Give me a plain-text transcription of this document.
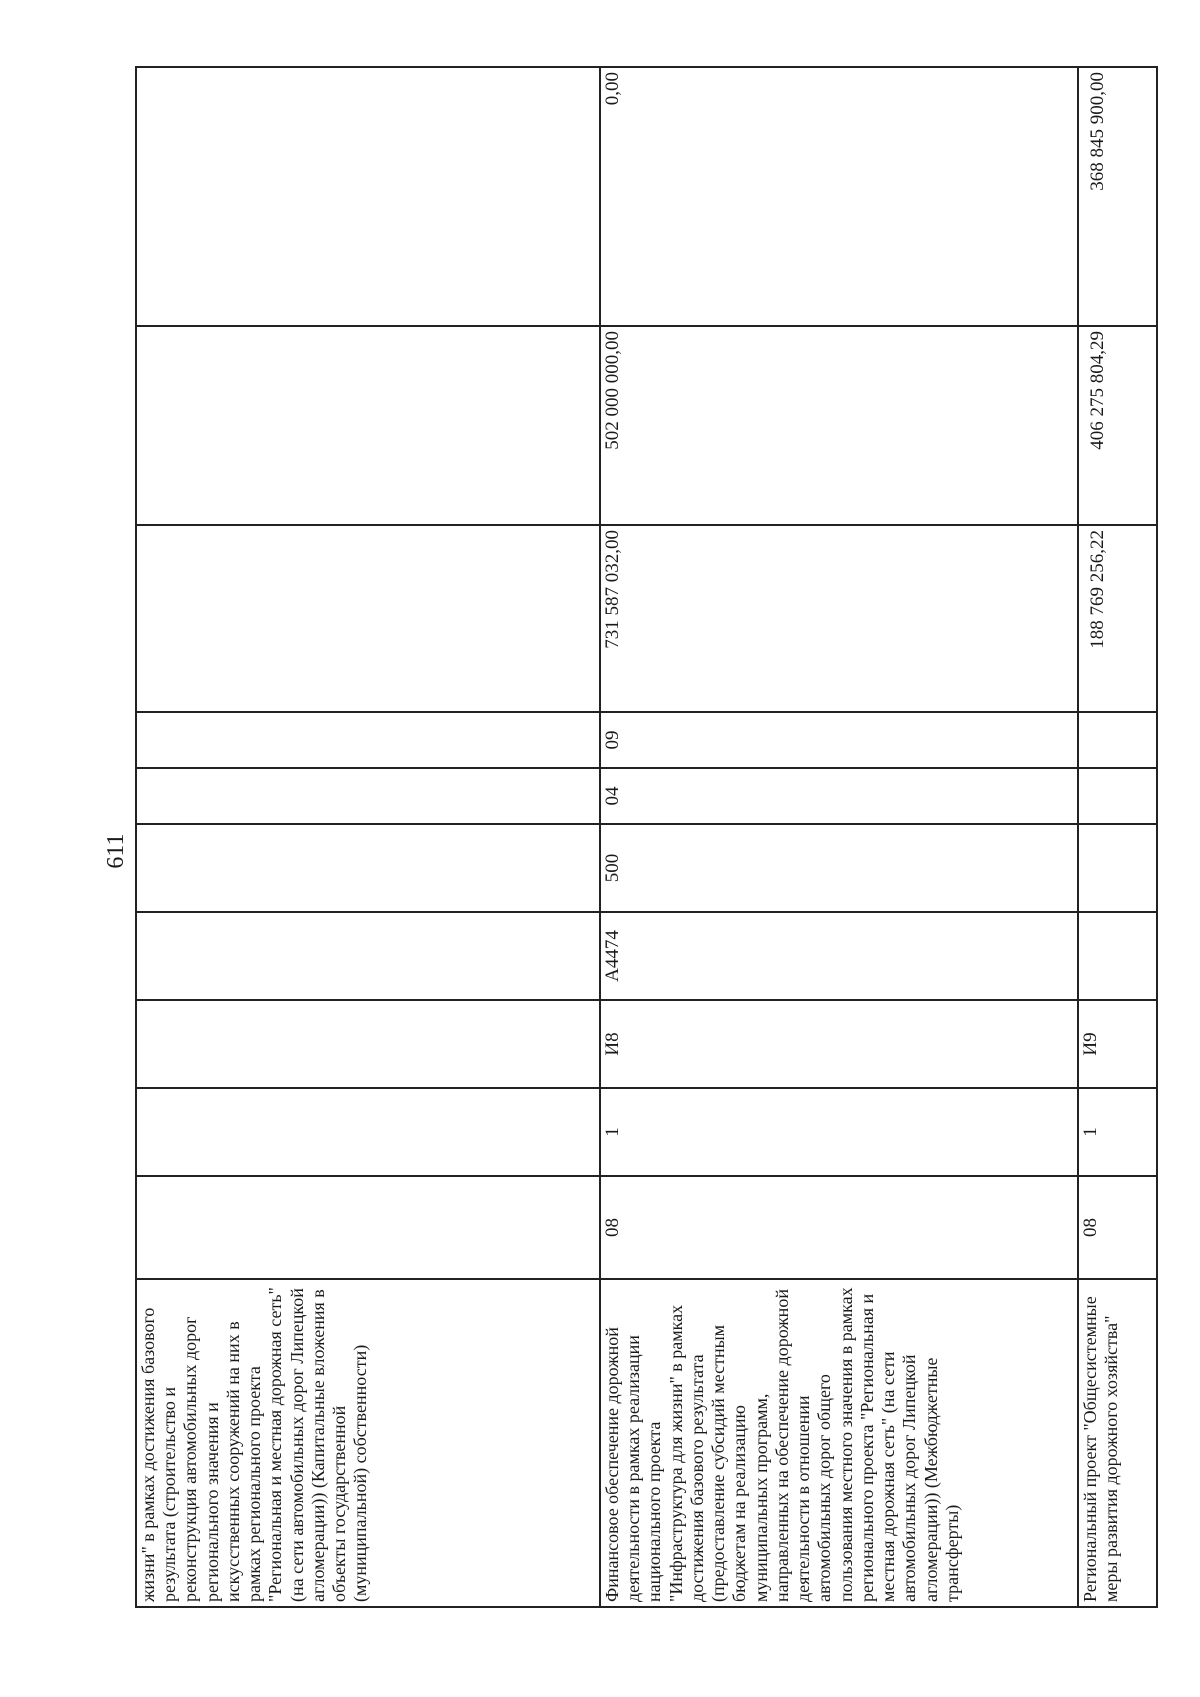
611
жизни" в рамках достижения базового результата (строительство и реконструкция автомобильных дорог регионального значения и искусственных сооружений на них в рамках регионального проекта "Региональная и местная дорожная сеть" (на сети автомобильных дорог Липецкой агломерации)) (Капитальные вложения в объекты государственной (муниципальной) собственности)										
Финансовое обеспечение дорожной деятельности в рамках реализации национального проекта "Инфраструктура для жизни" в рамках достижения базового результата (предоставление субсидий местным бюджетам на реализацию муниципальных программ, направленных на обеспечение дорожной деятельности в отношении автомобильных дорог общего пользования местного значения в рамках регионального проекта "Региональная и местная дорожная сеть" (на сети автомобильных дорог Липецкой агломерации)) (Межбюджетные трансферты)	08	1	И8	А4474	500	04	09	731 587 032,00	502 000 000,00	0,00
Региональный проект "Общесистемные меры развития дорожного хозяйства"	08	1	И9					188 769 256,22	406 275 804,29	368 845 900,00
